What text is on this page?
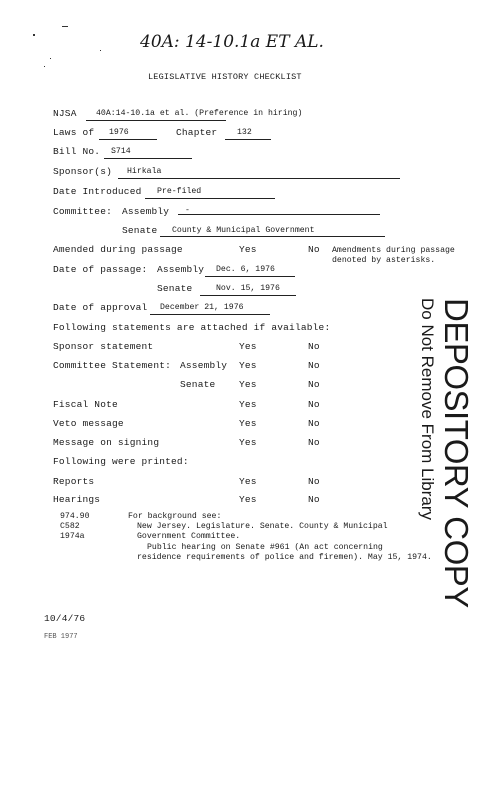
40A: 14-10.1a ET AL.
LEGISLATIVE HISTORY CHECKLIST
NJSA 40A:14-10.1a et al. (Preference in hiring)
Laws of 1976	Chapter 132
Bill No. S714
Sponsor(s) Hirkala
Date Introduced Pre-filed
Committee: Assembly -
Senate County & Municipal Government
Amended during passage	Yes	No Amendments during passage
denoted by asterisks.
Date of passage: Assembly Dec. 6, 1976
Senate	Nov. 15, 1976
Date of approval December 21, 1976
Following statements are attached if available:
Sponsor statement	Yes	No
Committee Statement: Assembly Yes	No
Senate Yes	No
Fiscal Note	Yes	No
Veto message	Yes	No
Message on signing	Yes	No
Following were printed:
Reports	Yes	No
Hearings	Yes	No
974.90
C582
1974a
For background see:
New Jersey. Legislature. Senate. County & Municipal
Government Committee.
Public hearing on Senate #961 (An act concerning
residence requirements of police and firemen). May 15, 1974.
10/4/76
FEB 1977
DEPOSITORY COPY
Do Not Remove From Library
